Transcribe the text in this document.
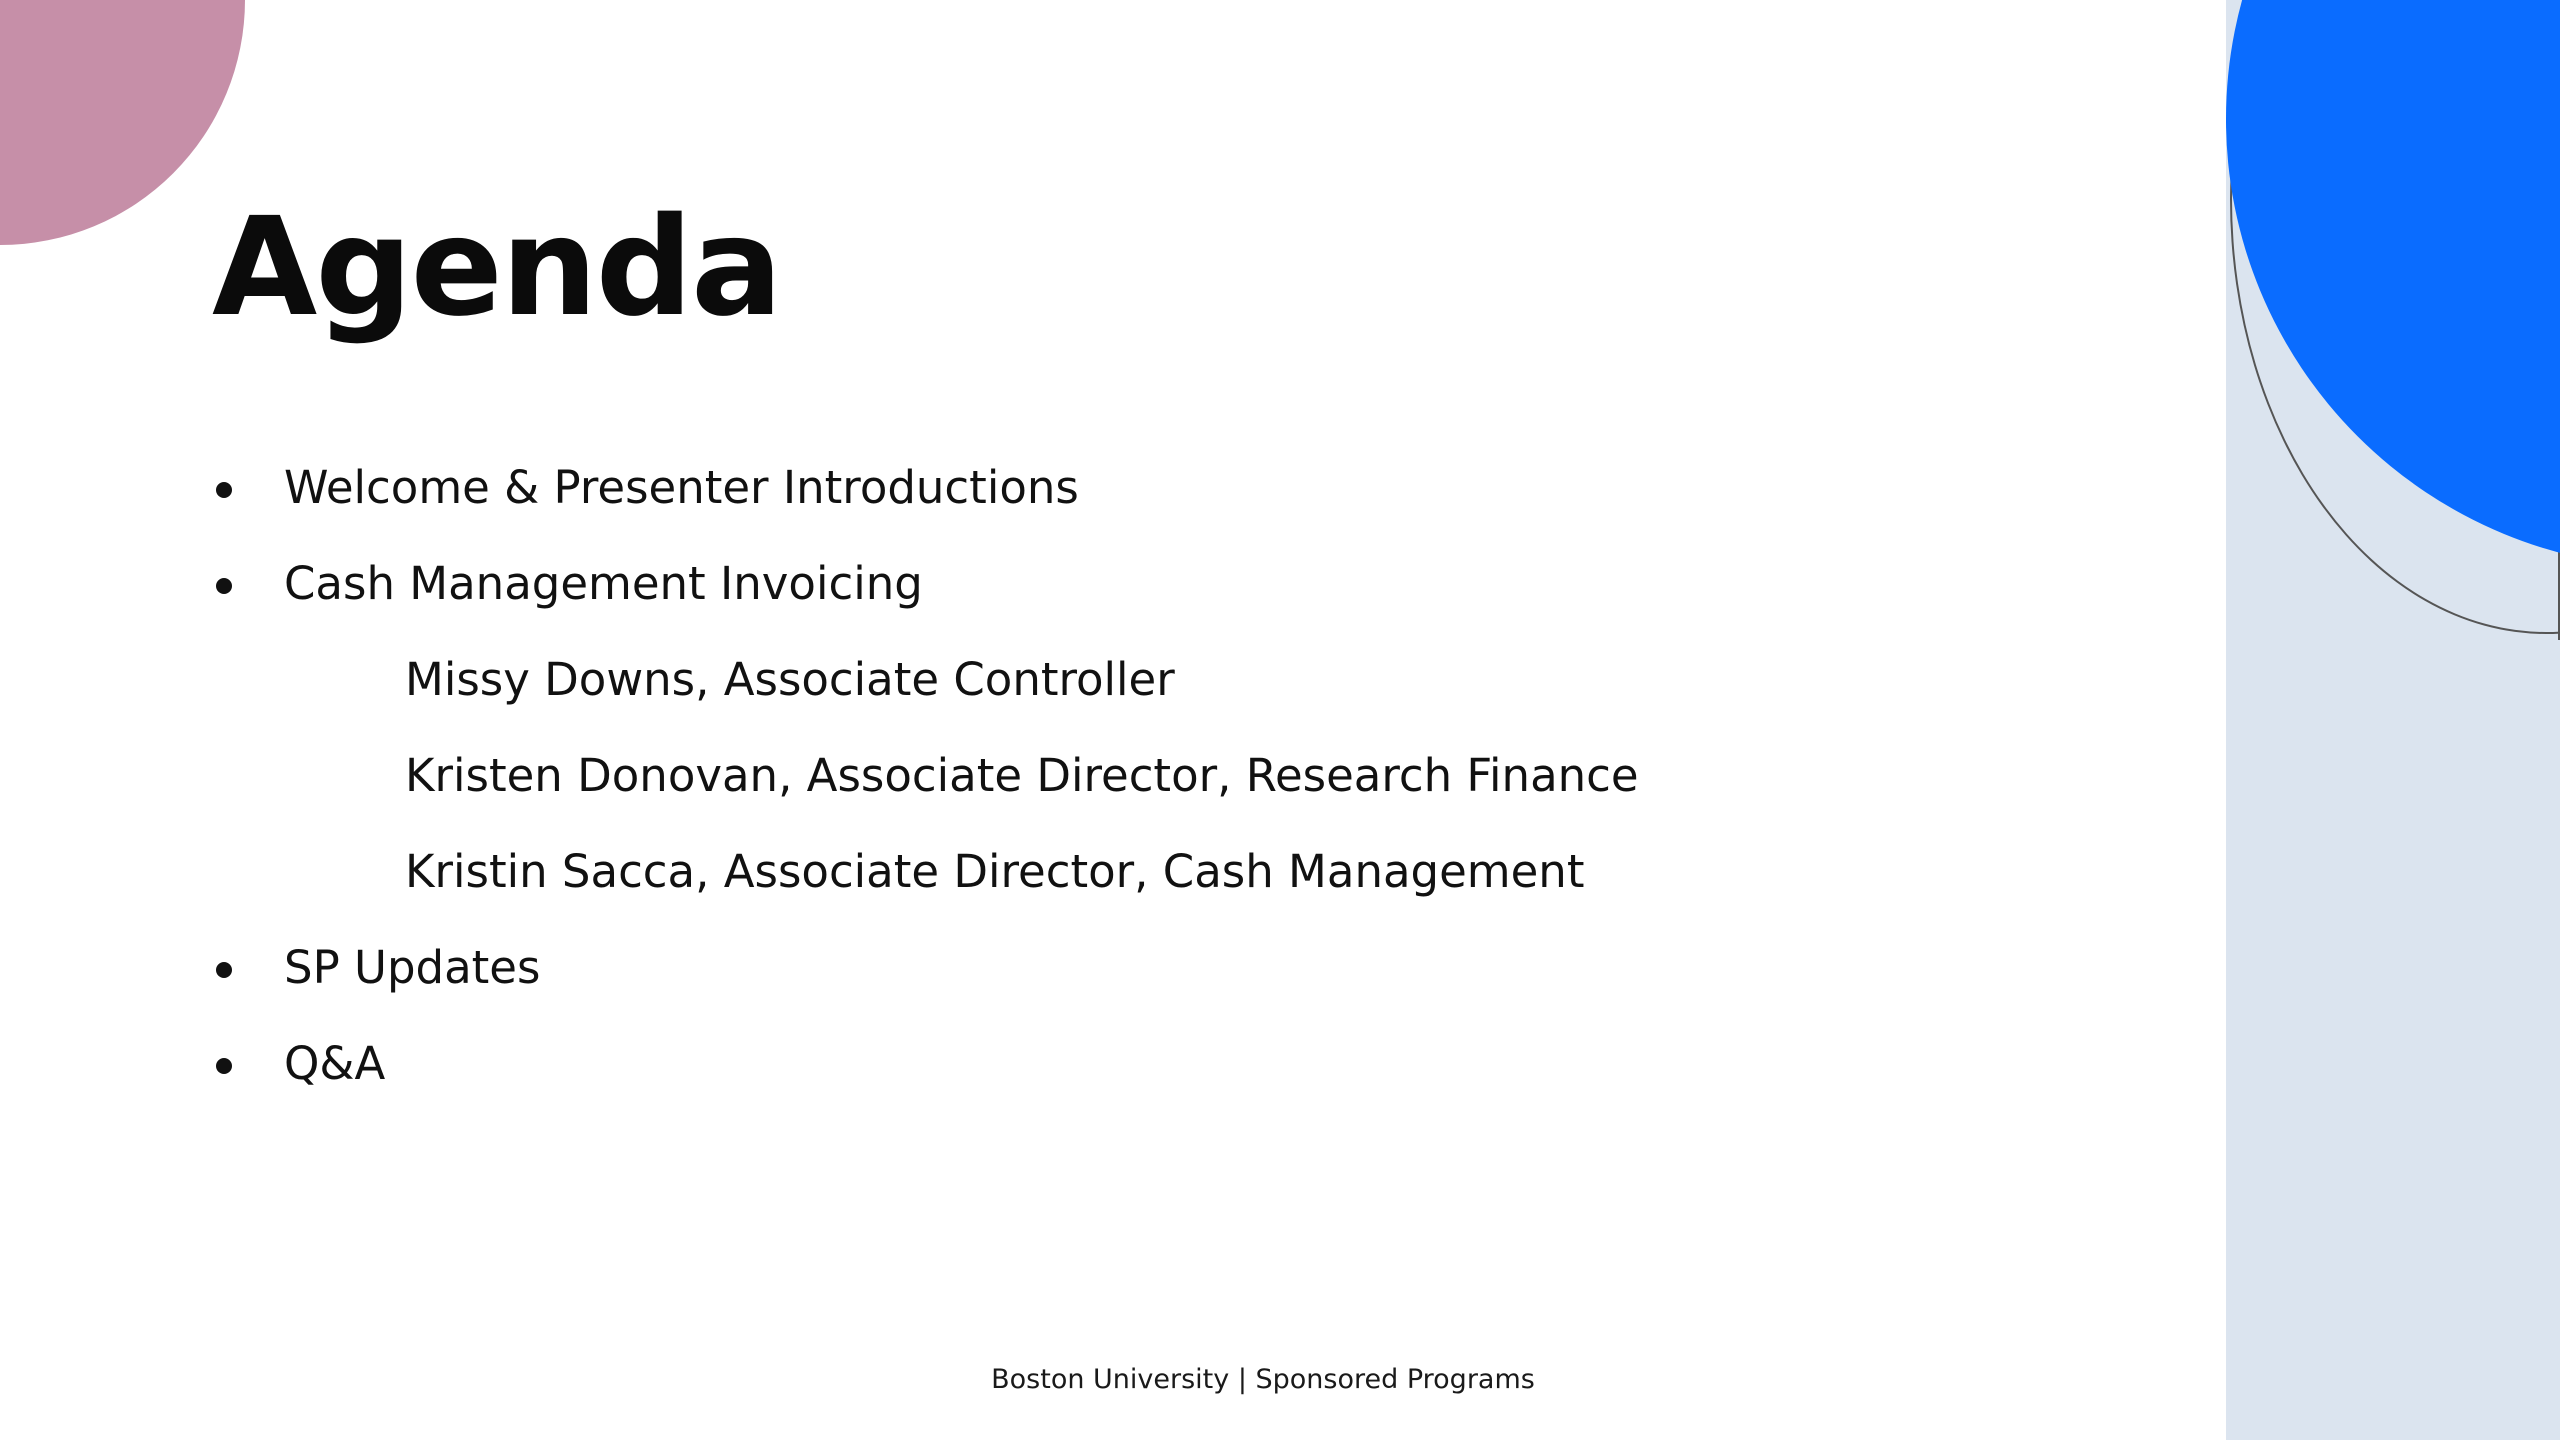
Agenda
Welcome & Presenter Introductions
Cash Management Invoicing
Missy Downs, Associate Controller
Kristen Donovan, Associate Director, Research Finance
Kristin Sacca, Associate Director, Cash Management
SP Updates
Q&A
Boston University | Sponsored Programs
